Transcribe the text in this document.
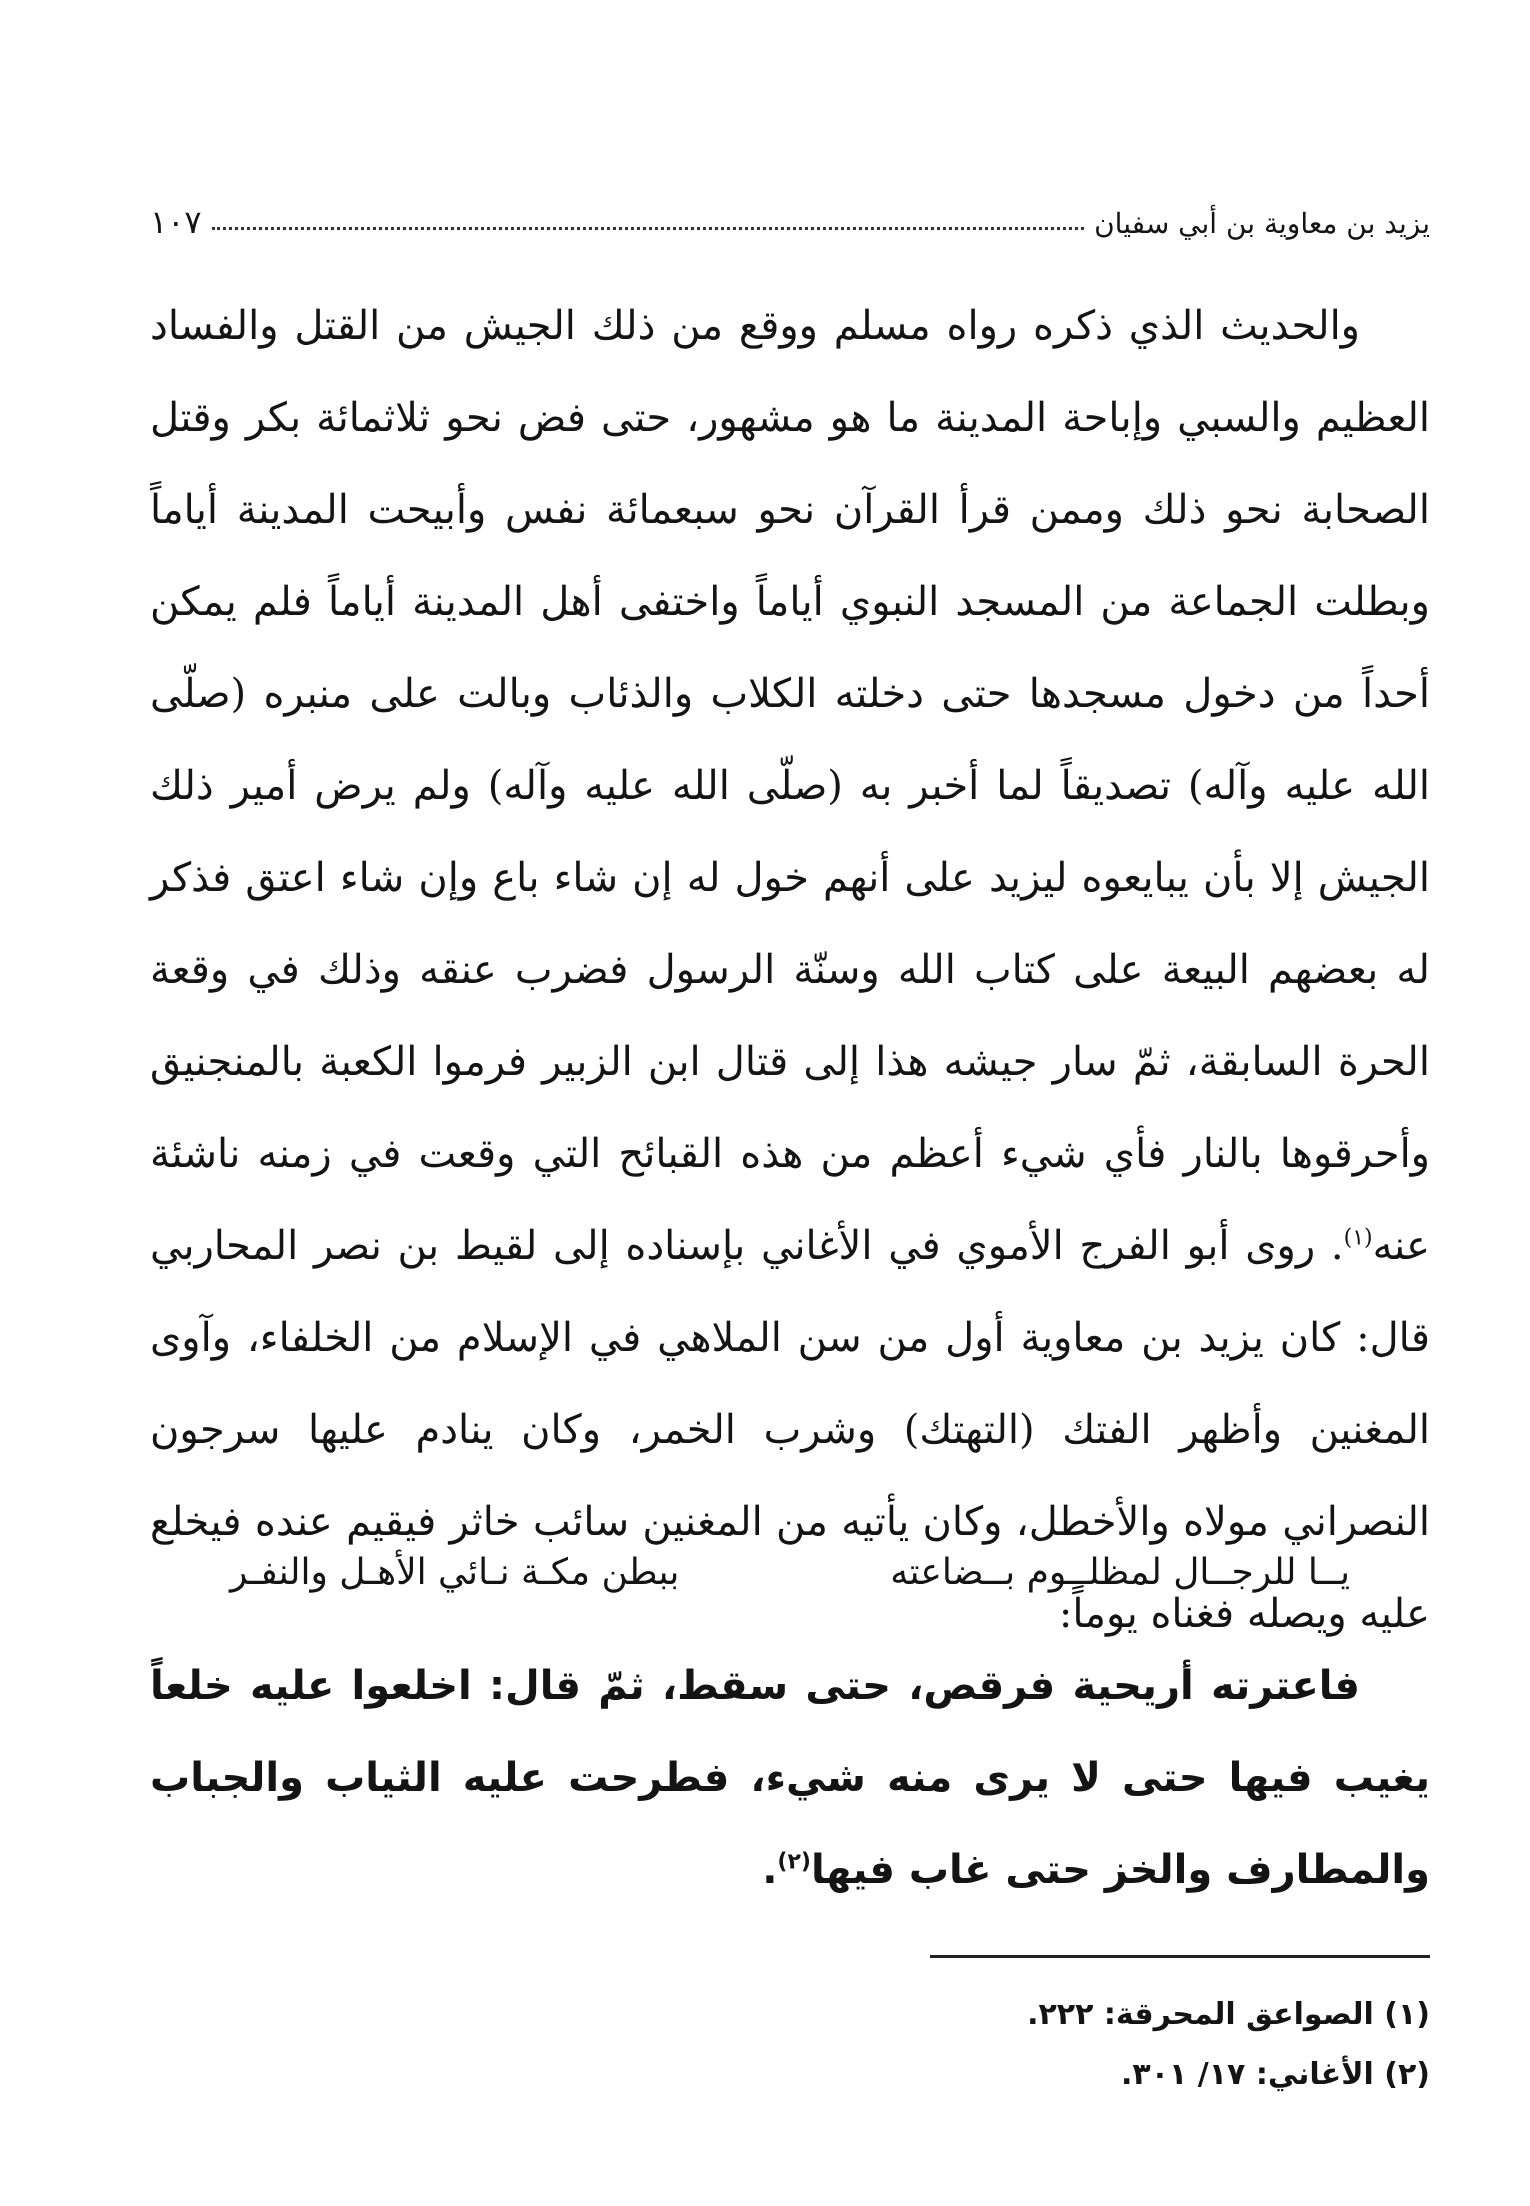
يزيد بن معاوية بن أبي سفيان
١٠٧

والحديث الذي ذكره رواه مسلم ووقع من ذلك الجيش من القتل والفساد العظيم والسبي وإباحة المدينة ما هو مشهور، حتى فض نحو ثلاثمائة بكر وقتل الصحابة نحو ذلك وممن قرأ القرآن نحو سبعمائة نفس وأبيحت المدينة أياماً وبطلت الجماعة من المسجد النبوي أياماً واختفى أهل المدينة أياماً فلم يمكن أحداً من دخول مسجدها حتى دخلته الكلاب والذئاب وبالت على منبره (صلّى الله عليه وآله) تصديقاً لما أخبر به (صلّى الله عليه وآله) ولم يرض أمير ذلك الجيش إلا بأن يبايعوه ليزيد على أنهم خول له إن شاء باع وإن شاء اعتق فذكر له بعضهم البيعة على كتاب الله وسنّة الرسول فضرب عنقه وذلك في وقعة الحرة السابقة، ثمّ سار جيشه هذا إلى قتال ابن الزبير فرموا الكعبة بالمنجنيق وأحرقوها بالنار فأي شيء أعظم من هذه القبائح التي وقعت في زمنه ناشئة عنه$^{(١)}$. روى أبو الفرج الأموي في الأغاني بإسناده إلى لقيط بن نصر المحاربي قال: كان يزيد بن معاوية أول من سن الملاهي في الإسلام من الخلفاء، وآوى المغنين وأظهر الفتك (التهتك) وشرب الخمر، وكان ينادم عليها سرجون النصراني مولاه والأخطل، وكان يأتيه من المغنين سائب خاثر فيقيم عنده فيخلع عليه ويصله فغناه يوماً:

يــا للرجــال لمظلــوم بــضاعته
ببطن مكـة نـائي الأهـل والنفـر

فاعترته أريحية فرقص، حتى سقط، ثمّ قال: اخلعوا عليه خلعاً يغيب فيها حتى لا يرى منه شيء، فطرحت عليه الثياب والجباب والمطارف والخز حتى غاب فيها$^{(٢)}$.

(١) الصواعق المحرقة: ٢٢٢.
(٢) الأغاني: ١٧/ ٣٠١.
